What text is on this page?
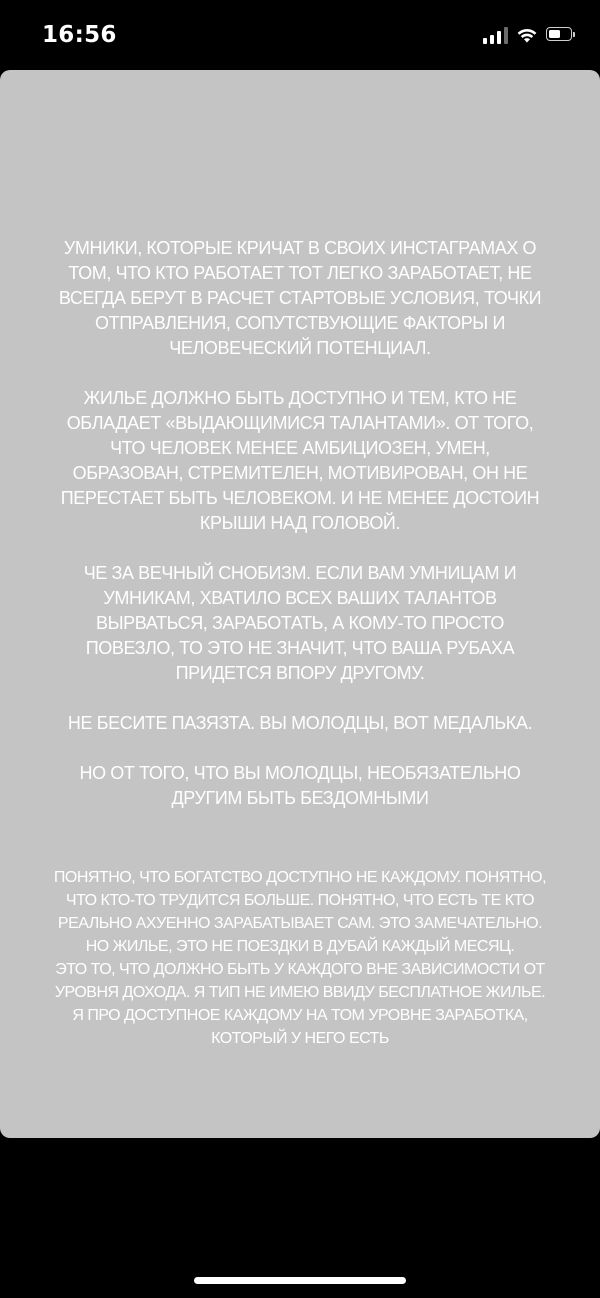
16:56

УМНИКИ, КОТОРЫЕ КРИЧАТ В СВОИХ ИНСТАГРАМАХ О
ТОМ, ЧТО КТО РАБОТАЕТ ТОТ ЛЕГКО ЗАРАБОТАЕТ, НЕ
ВСЕГДА БЕРУТ В РАСЧЕТ СТАРТОВЫЕ УСЛОВИЯ, ТОЧКИ
ОТПРАВЛЕНИЯ, СОПУТСТВУЮЩИЕ ФАКТОРЫ И
ЧЕЛОВЕЧЕСКИЙ ПОТЕНЦИАЛ.

ЖИЛЬЕ ДОЛЖНО БЫТЬ ДОСТУПНО И ТЕМ, КТО НЕ
ОБЛАДАЕТ «ВЫДАЮЩИМИСЯ ТАЛАНТАМИ». ОТ ТОГО,
ЧТО ЧЕЛОВЕК МЕНЕЕ АМБИЦИОЗЕН, УМЕН,
ОБРАЗОВАН, СТРЕМИТЕЛЕН, МОТИВИРОВАН, ОН НЕ
ПЕРЕСТАЕТ БЫТЬ ЧЕЛОВЕКОМ. И НЕ МЕНЕЕ ДОСТОИН
КРЫШИ НАД ГОЛОВОЙ.

ЧЕ ЗА ВЕЧНЫЙ СНОБИЗМ. ЕСЛИ ВАМ УМНИЦАМ И
УМНИКАМ, ХВАТИЛО ВСЕХ ВАШИХ ТАЛАНТОВ
ВЫРВАТЬСЯ, ЗАРАБОТАТЬ, А КОМУ-ТО ПРОСТО
ПОВЕЗЛО, ТО ЭТО НЕ ЗНАЧИТ, ЧТО ВАША РУБАХА
ПРИДЕТСЯ ВПОРУ ДРУГОМУ.

НЕ БЕСИТЕ ПАЗЯЗТА. ВЫ МОЛОДЦЫ, ВОТ МЕДАЛЬКА.

НО ОТ ТОГО, ЧТО ВЫ МОЛОДЦЫ, НЕОБЯЗАТЕЛЬНО
ДРУГИМ БЫТЬ БЕЗДОМНЫМИ

ПОНЯТНО, ЧТО БОГАТСТВО ДОСТУПНО НЕ КАЖДОМУ. ПОНЯТНО,
ЧТО КТО-ТО ТРУДИТСЯ БОЛЬШЕ. ПОНЯТНО, ЧТО ЕСТЬ ТЕ КТО
РЕАЛЬНО АХУЕННО ЗАРАБАТЫВАЕТ САМ. ЭТО ЗАМЕЧАТЕЛЬНО.
НО ЖИЛЬЕ, ЭТО НЕ ПОЕЗДКИ В ДУБАЙ КАЖДЫЙ МЕСЯЦ.
ЭТО ТО, ЧТО ДОЛЖНО БЫТЬ У КАЖДОГО ВНЕ ЗАВИСИМОСТИ ОТ
УРОВНЯ ДОХОДА. Я ТИП НЕ ИМЕЮ ВВИДУ БЕСПЛАТНОЕ ЖИЛЬЕ.
Я ПРО ДОСТУПНОЕ КАЖДОМУ НА ТОМ УРОВНЕ ЗАРАБОТКА,
КОТОРЫЙ У НЕГО ЕСТЬ
